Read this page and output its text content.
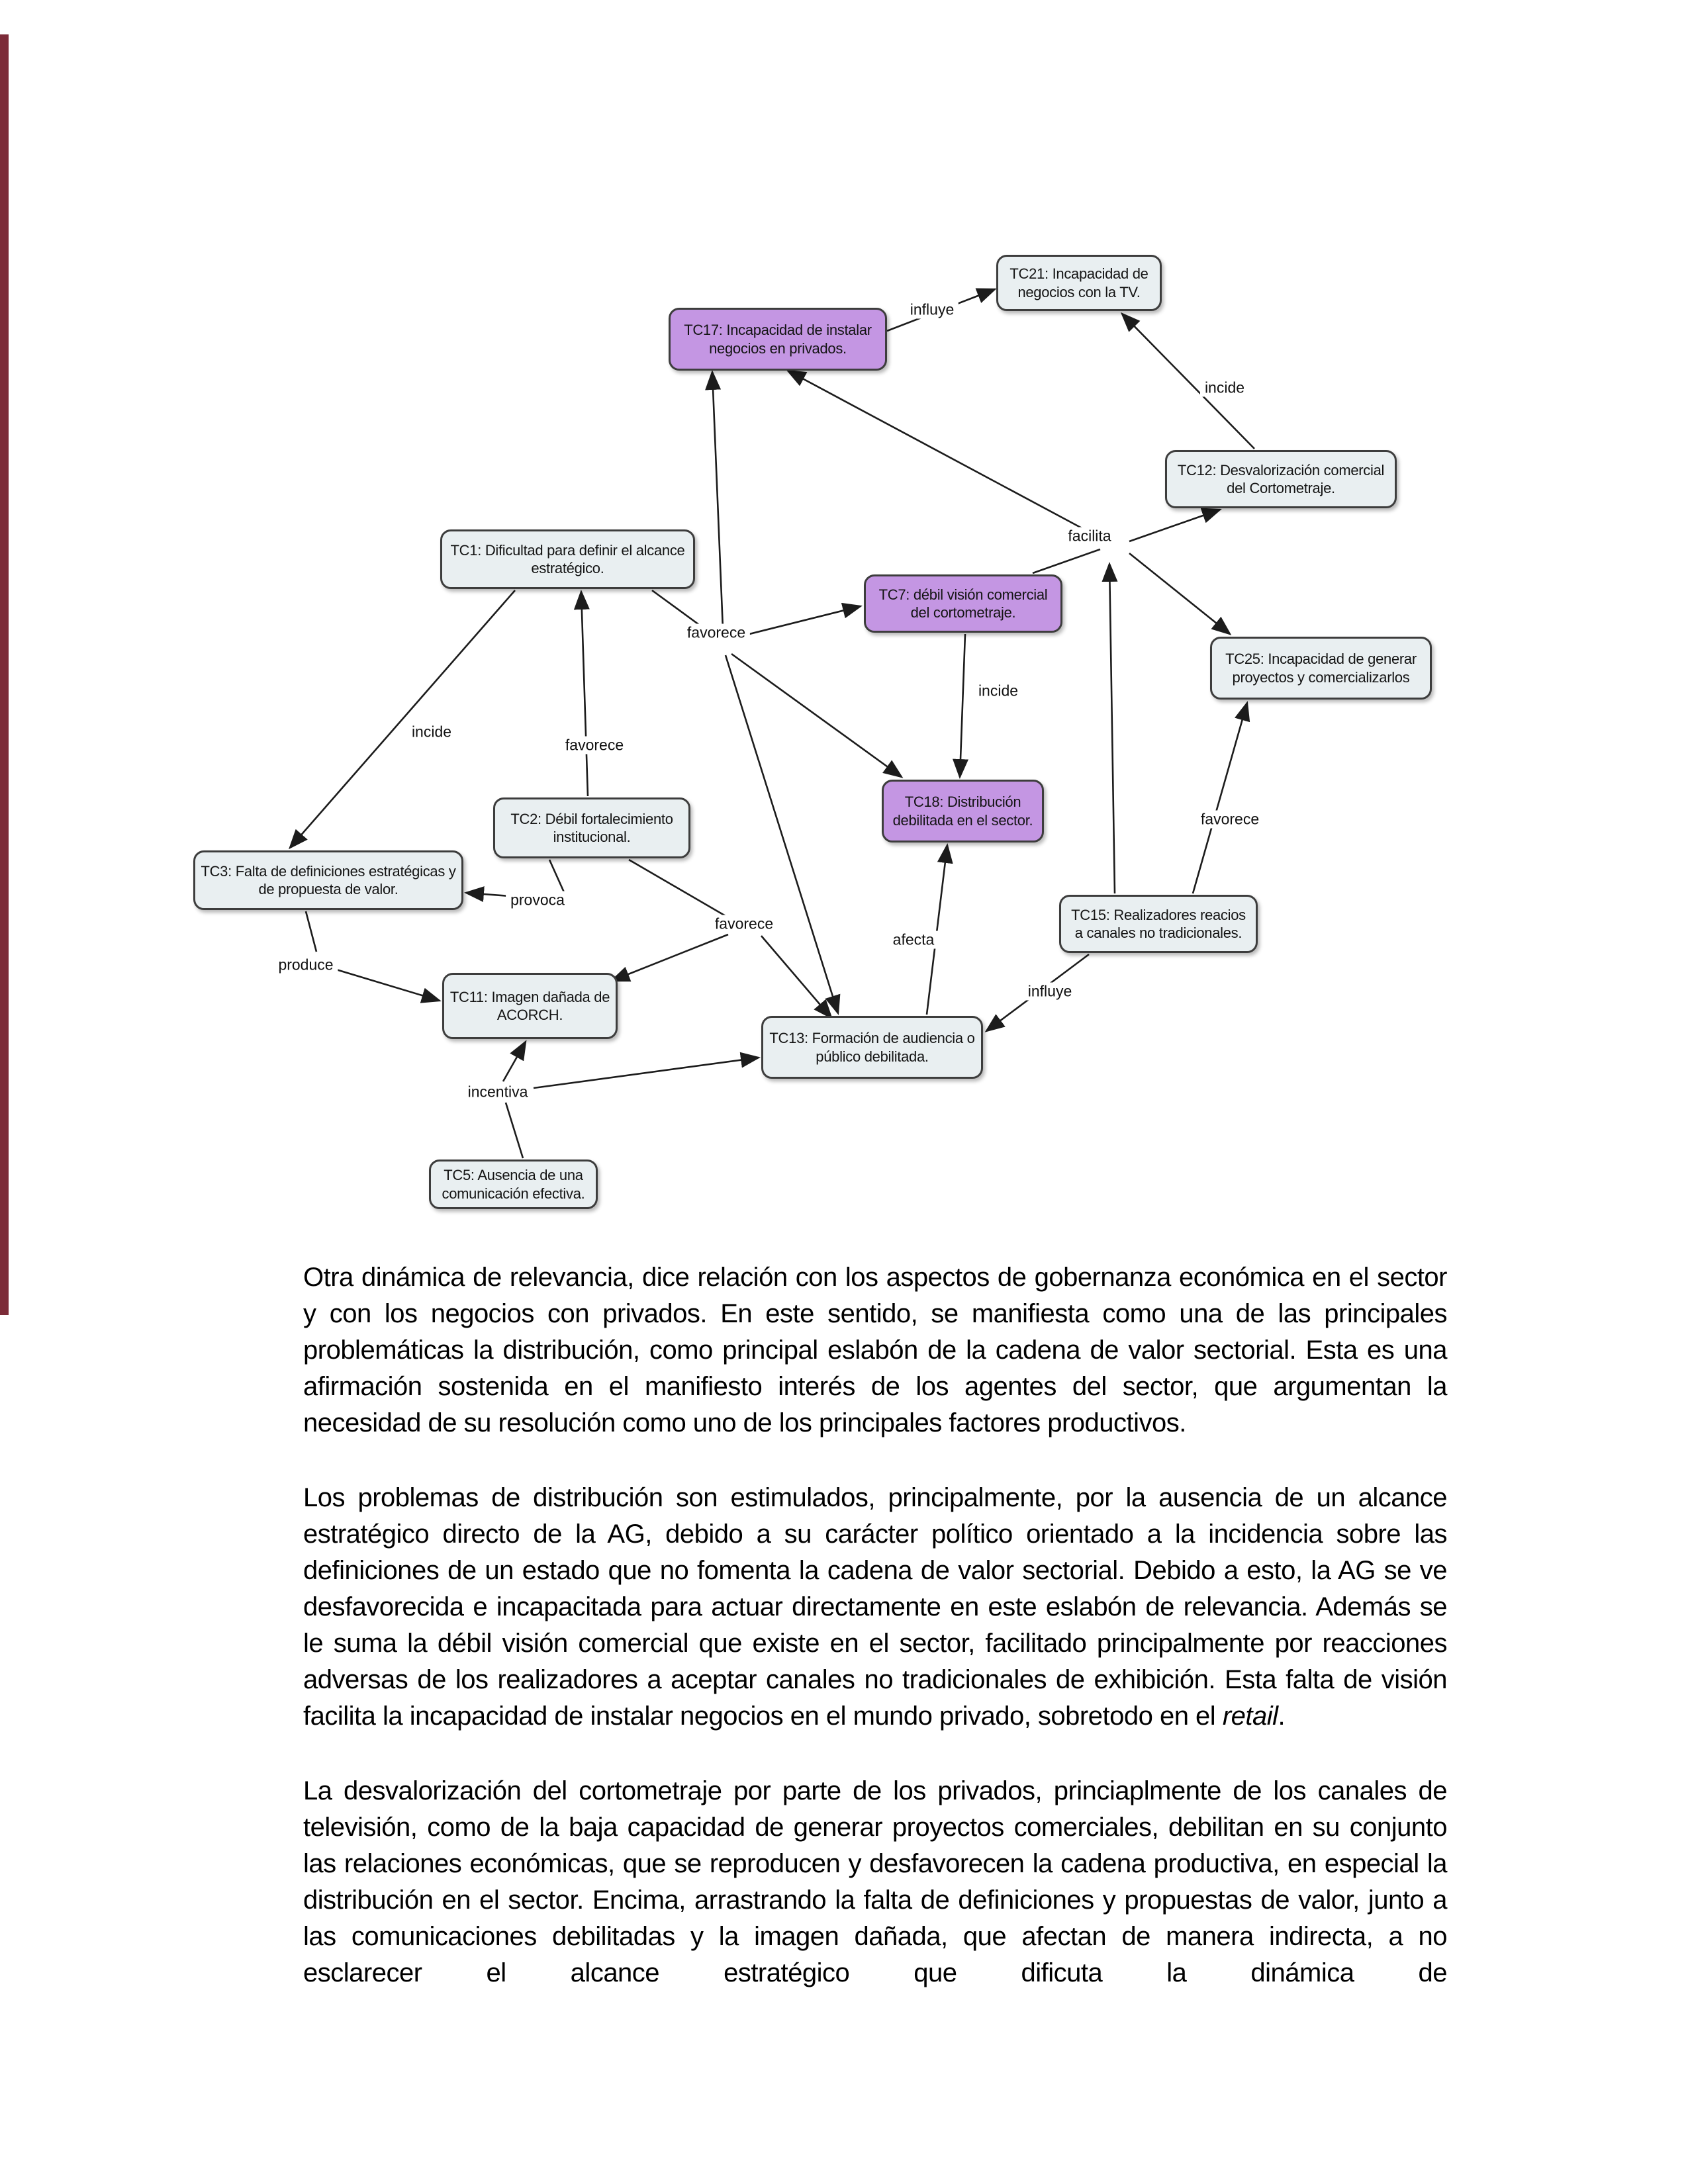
influye
incide
facilita
favorece
incide
favorece
incide
favorece
provoca
favorece
produce
afecta
influye
incentiva
TC17: Incapacidad de instalar negocios en privados.
TC21: Incapacidad de negocios con la TV.
TC12: Desvalorización comercial del Cortometraje.
TC1: Dificultad para definir el alcance estratégico.
TC7: débil visión comercial del cortometraje.
TC25: Incapacidad de generar proyectos y comercializarlos
TC2: Débil fortalecimiento institucional.
TC18: Distribución debilitada en el sector.
TC3: Falta de definiciones estratégicas y de propuesta de valor.
TC15: Realizadores reacios a canales no tradicionales.
TC11: Imagen dañada de ACORCH.
TC13: Formación de audiencia o público debilitada.
TC5: Ausencia de una comunicación efectiva.

Otra dinámica de relevancia, dice relación con los aspectos de gobernanza económica en el sector y con los negocios con privados. En este sentido, se manifiesta como una de las principales problemáticas la distribución, como principal eslabón de la cadena de valor sectorial. Esta es una afirmación sostenida en el manifiesto interés de los agentes del sector, que argumentan la necesidad de su resolución como uno de los principales factores productivos.

Los problemas de distribución son estimulados, principalmente, por la ausencia de un alcance estratégico directo de la AG, debido a su carácter político orientado a la incidencia sobre las definiciones de un estado que no fomenta la cadena de valor sectorial. Debido a esto, la AG se ve desfavorecida e incapacitada para actuar directamente en este eslabón de relevancia. Además se le suma la débil visión comercial que existe en el sector, facilitado principalmente por reacciones adversas de los realizadores a aceptar canales no tradicionales de exhibición. Esta falta de visión facilita la incapacidad de instalar negocios en el mundo privado, sobretodo en el retail.

La desvalorización del cortometraje por parte de los privados, princiaplmente de los canales de televisión, como de la baja capacidad de generar proyectos comerciales, debilitan en su conjunto las relaciones económicas, que se reproducen y desfavorecen la cadena productiva, en especial la distribución en el sector. Encima, arrastrando la falta de definiciones y propuestas de valor, junto a las comunicaciones debilitadas y la imagen dañada, que afectan de manera indirecta, a no esclarecer el alcance estratégico que dificuta la dinámica de
